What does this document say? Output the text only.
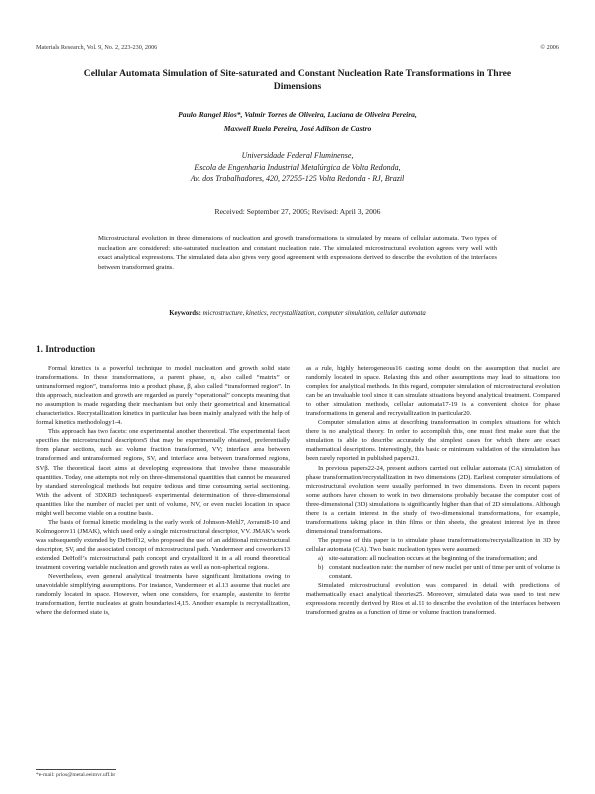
Materials Research, Vol. 9, No. 2, 223-230, 2006	© 2006
Cellular Automata Simulation of Site-saturated and Constant Nucleation Rate Transformations in Three Dimensions
Paulo Rangel Rios*, Valmir Torres de Oliveira, Luciana de Oliveira Pereira,
Maxwell Ruela Pereira, José Adilson de Castro
Universidade Federal Fluminense,
Escola de Engenharia Industrial Metalúrgica de Volta Redonda,
Av. dos Trabalhadores, 420, 27255-125 Volta Redonda - RJ, Brazil
Received: September 27, 2005; Revised: April 3, 2006
Microstructural evolution in three dimensions of nucleation and growth transformations is simulated by means of cellular automata. Two types of nucleation are considered: site-saturated nucleation and constant nucleation rate. The simulated microstructural evolution agrees very well with exact analytical expressions. The simulated data also gives very good agreement with expressions derived to describe the evolution of the interfaces between transformed grains.
Keywords: microstructure, kinetics, recrystallization, computer simulation, cellular automata
1. Introduction

Formal kinetics is a powerful technique to model nucleation and growth solid state transformations. In these transformations, a parent phase, α, also called “matrix” or untransformed region”, transforms into a product phase, β, also called “transformed region”. In this approach, nucleation and growth are regarded as purely “operational” concepts meaning that no assumption is made regarding their mechanism but only their geometrical and kinematical characteristics. Recrystallization kinetics in particular has been mainly analyzed with the help of formal kinetics methodology1-4.

This approach has two facets: one experimental another theoretical. The experimental facet specifies the microstructural descriptors5 that may be experimentally obtained, preferentially from planar sections, such as: volume fraction transformed, VV; interface area between transformed and untransformed regions, SV, and interface area between transformed regions, SVβ. The theoretical facet aims at developing expressions that involve these measurable quantities. Today, one attempts not rely on three-dimensional quantities that cannot be measured by standard stereological methods but require tedious and time consuming serial sectioning. With the advent of 3DXRD techniques6 experimental determination of three-dimensional quantities like the number of nuclei per unit of volume, NV, or even nuclei location in space might well become viable on a routine basis.

The basis of formal kinetic modeling is the early work of Johnson-Mehl7, Avrami8-10 and Kolmogorov11 (JMAK), which used only a single microstructural descriptor, VV. JMAK’s work was subsequently extended by DeHoff12, who proposed the use of an additional microstructural descriptor, SV, and the associated concept of microstructural path. Vandermeer and coworkers13 extended DeHoff’s microstructural path concept and crystallized it in a all round theoretical treatment covering variable nucleation and growth rates as well as non-spherical regions.

Nevertheless, even general analytical treatments have significant limitations owing to unavoidable simplifying assumptions. For instance, Vandermeer et al.13 assume that nuclei are randomly located in space. However, when one considers, for example, austenite to ferrite transformation, ferrite nucleates at grain boundaries14,15. Another example is recrystallization, where the deformed state is,

as a rule, highly heterogeneous16 casting some doubt on the assumption that nuclei are randomly located in space. Relaxing this and other assumptions may lead to situations too complex for analytical methods. In this regard, computer simulation of microstructural evolution can be an invaluable tool since it can simulate situations beyond analytical treatment. Compared to other simulation methods, cellular automata17-19 is a convenient choice for phase transformations in general and recrystallization in particular20.

Computer simulation aims at describing transformation in complex situations for which there is no analytical theory. In order to accomplish this, one must first make sure that the simulation is able to describe accurately the simplest cases for which there are exact mathematical descriptions. Interestingly, this basic or minimum validation of the simulation has been rarely reported in published papers21.

In previous papers22-24, present authors carried out cellular automata (CA) simulation of phase transformation/recrystallization in two dimensions (2D). Earliest computer simulations of microstructural evolution were usually performed in two dimensions. Even in recent papers some authors have chosen to work in two dimensions probably because the computer cost of three-dimensional (3D) simulations is significantly higher than that of 2D simulations. Although there is a certain interest in the study of two-dimensional transformations, for example, transformations taking place in thin films or thin sheets, the greatest interest lye in three dimensional transformations.

The purpose of this paper is to simulate phase transformations/recrystallization in 3D by cellular automata (CA). Two basic nucleation types were assumed:

a) site-saturation: all nucleation occurs at the beginning of the transformation; and
b) constant nucleation rate: the number of new nuclei per unit of time per unit of volume is constant.

Simulated microstructural evolution was compared in detail with predictions of mathematically exact analytical theories25. Moreover, simulated data was used to test new expressions recently derived by Rios et al.11 to describe the evolution of the interfaces between transformed grains as a function of time or volume fraction transformed.

*e-mail: prios@metal.eeimvr.uff.br
